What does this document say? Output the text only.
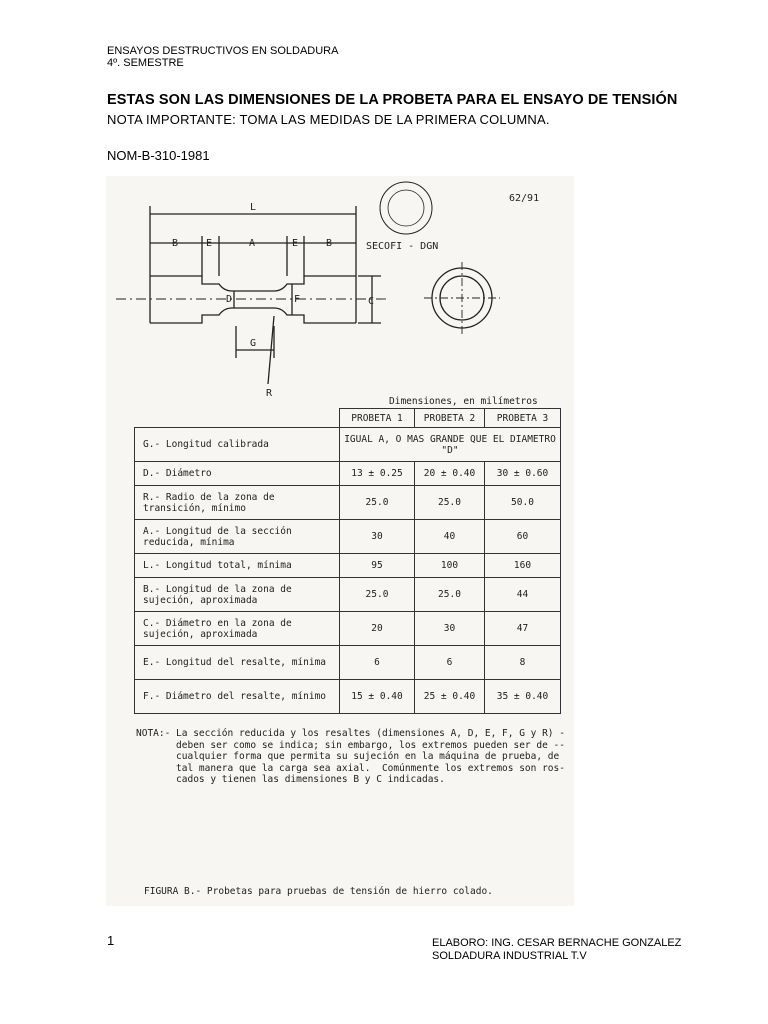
ENSAYOS DESTRUCTIVOS EN SOLDADURA
4º. SEMESTRE
ESTAS SON LAS DIMENSIONES DE LA PROBETA PARA EL ENSAYO DE TENSIÓN
NOTA IMPORTANTE: TOMA LAS MEDIDAS DE LA PRIMERA COLUMNA.
NOM-B-310-1981
62/91
L
B	E	A	E	B
D	F	C
G
R
SECOFI - DGN
Dimensiones, en milímetros
	PROBETA 1	PROBETA 2	PROBETA 3
G.- Longitud calibrada	IGUAL A, O MAS GRANDE QUE EL DIAMETRO "D"		
D.- Diámetro	13 ± 0.25	20 ± 0.40	30 ± 0.60
R.- Radio de la zona de transición, mínimo	25.0	25.0	50.0
A.- Longitud de la sección reducida, mínima	30	40	60
L.- Longitud total, mínima	95	100	160
B.- Longitud de la zona de sujeción, aproximada	25.0	25.0	44
C.- Diámetro en la zona de sujeción, aproximada	20	30	47
E.- Longitud del resalte, mínima	6	6	8
F.- Diámetro del resalte, mínimo	15 ± 0.40	25 ± 0.40	35 ± 0.40
NOTA:- La sección reducida y los resaltes (dimensiones A, D, E, F, G y R) -
deben ser como se indica; sin embargo, los extremos pueden ser de --
cualquier forma que permita su sujeción en la máquina de prueba, de
tal manera que la carga sea axial.  Comúnmente los extremos son ros-
cados y tienen las dimensiones B y C indicadas.
FIGURA B.- Probetas para pruebas de tensión de hierro colado.
1	ELABORO: ING. CESAR BERNACHE GONZALEZ
SOLDADURA INDUSTRIAL T.V
